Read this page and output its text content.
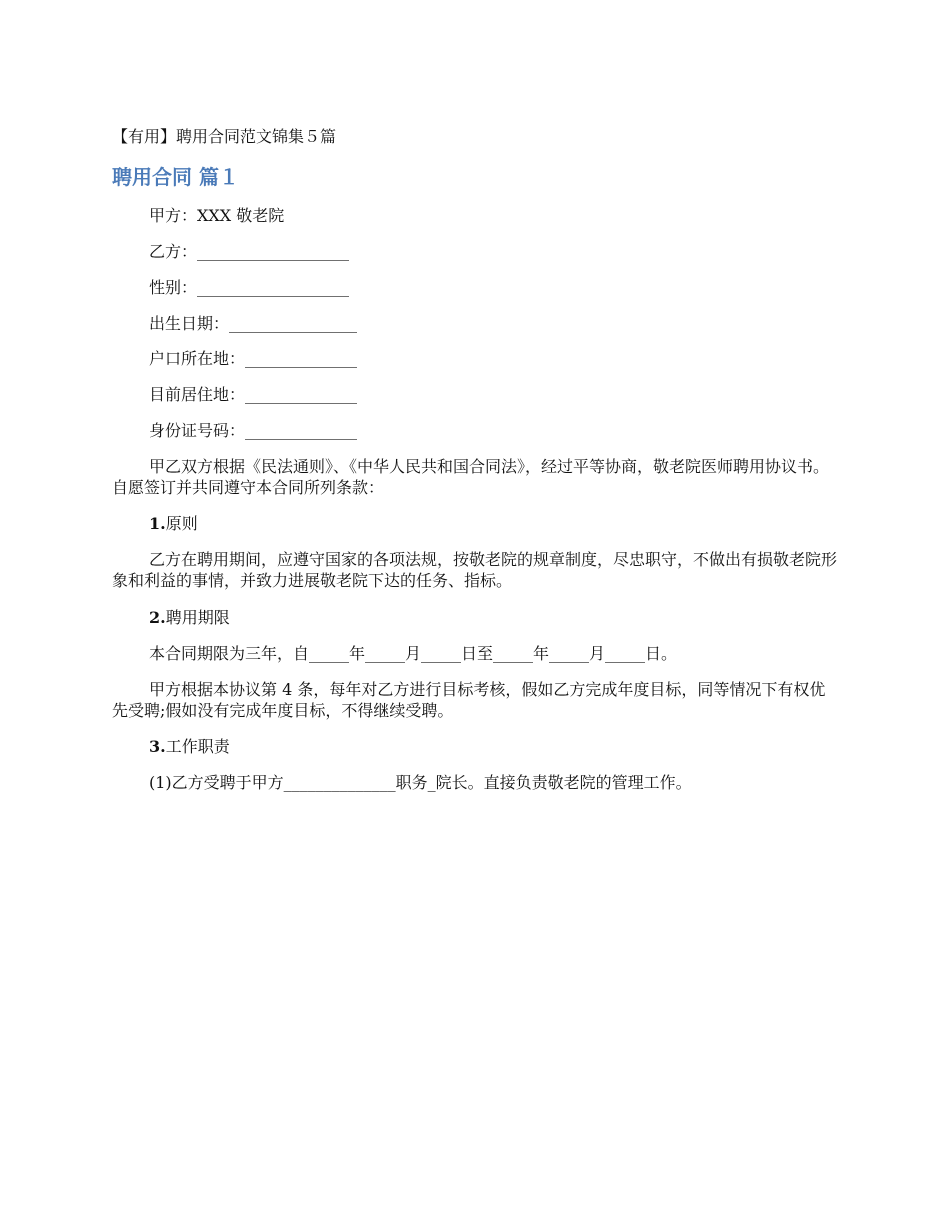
【有用】聘用合同范文锦集５篇

聘用合同 篇１

甲方：XXX 敬老院

乙方：___________________

性别：___________________

出生日期：________________

户口所在地：______________

目前居住地：______________

身份证号码：______________

甲乙双方根据《民法通则》、《中华人民共和国合同法》，经过平等协商，敬老院医师聘用协议书。自愿签订并共同遵守本合同所列条款：

1.原则

乙方在聘用期间，应遵守国家的各项法规，按敬老院的规章制度，尽忠职守，不做出有损敬老院形象和利益的事情，并致力进展敬老院下达的任务、指标。

2.聘用期限

本合同期限为三年，自_____年_____月_____日至_____年_____月_____日。

甲方根据本协议第 4 条，每年对乙方进行目标考核，假如乙方完成年度目标，同等情况下有权优先受聘;假如没有完成年度目标，不得继续受聘。

3.工作职责

(1)乙方受聘于甲方______________职务_院长。直接负责敬老院的管理工作。
